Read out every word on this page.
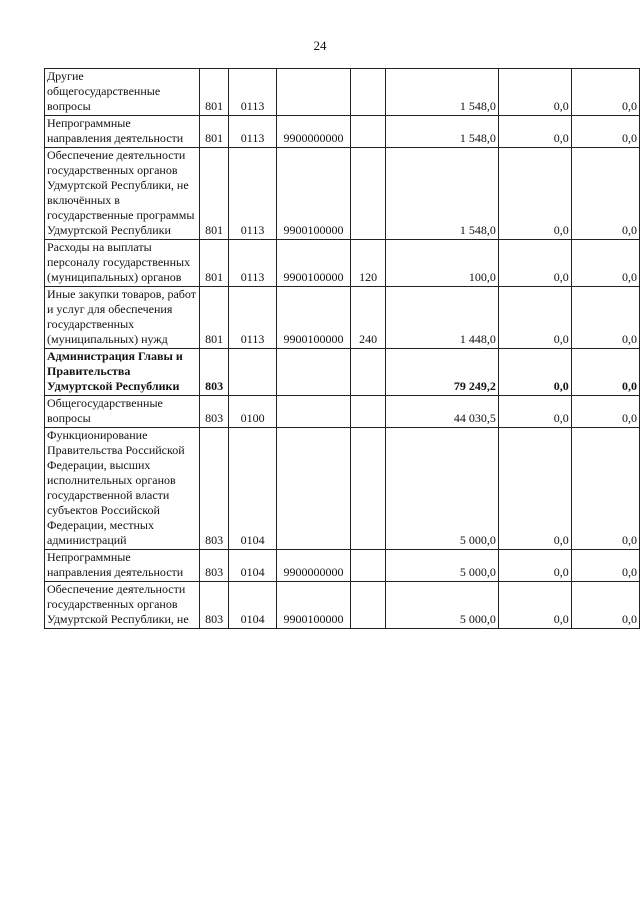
24
Другие общегосударственные вопросы	801	0113			1 548,0	0,0	0,0

Непрограммные направления деятельности	801	0113	9900000000		1 548,0	0,0	0,0

Обеспечение деятельности государственных органов Удмуртской Республики, не включённых в государственные программы Удмуртской Республики	801	0113	9900100000		1 548,0	0,0	0,0

Расходы на выплаты персоналу государственных (муниципальных) органов	801	0113	9900100000	120	100,0	0,0	0,0

Иные закупки товаров, работ и услуг для обеспечения государственных (муниципальных) нужд	801	0113	9900100000	240	1 448,0	0,0	0,0

Администрация Главы и Правительства Удмуртской Республики	803				79 249,2	0,0	0,0

Общегосударственные вопросы	803	0100			44 030,5	0,0	0,0

Функционирование Правительства Российской Федерации, высших исполнительных органов государственной власти субъектов Российской Федерации, местных администраций	803	0104			5 000,0	0,0	0,0

Непрограммные направления деятельности	803	0104	9900000000		5 000,0	0,0	0,0

Обеспечение деятельности государственных органов Удмуртской Республики, не	803	0104	9900100000		5 000,0	0,0	0,0
